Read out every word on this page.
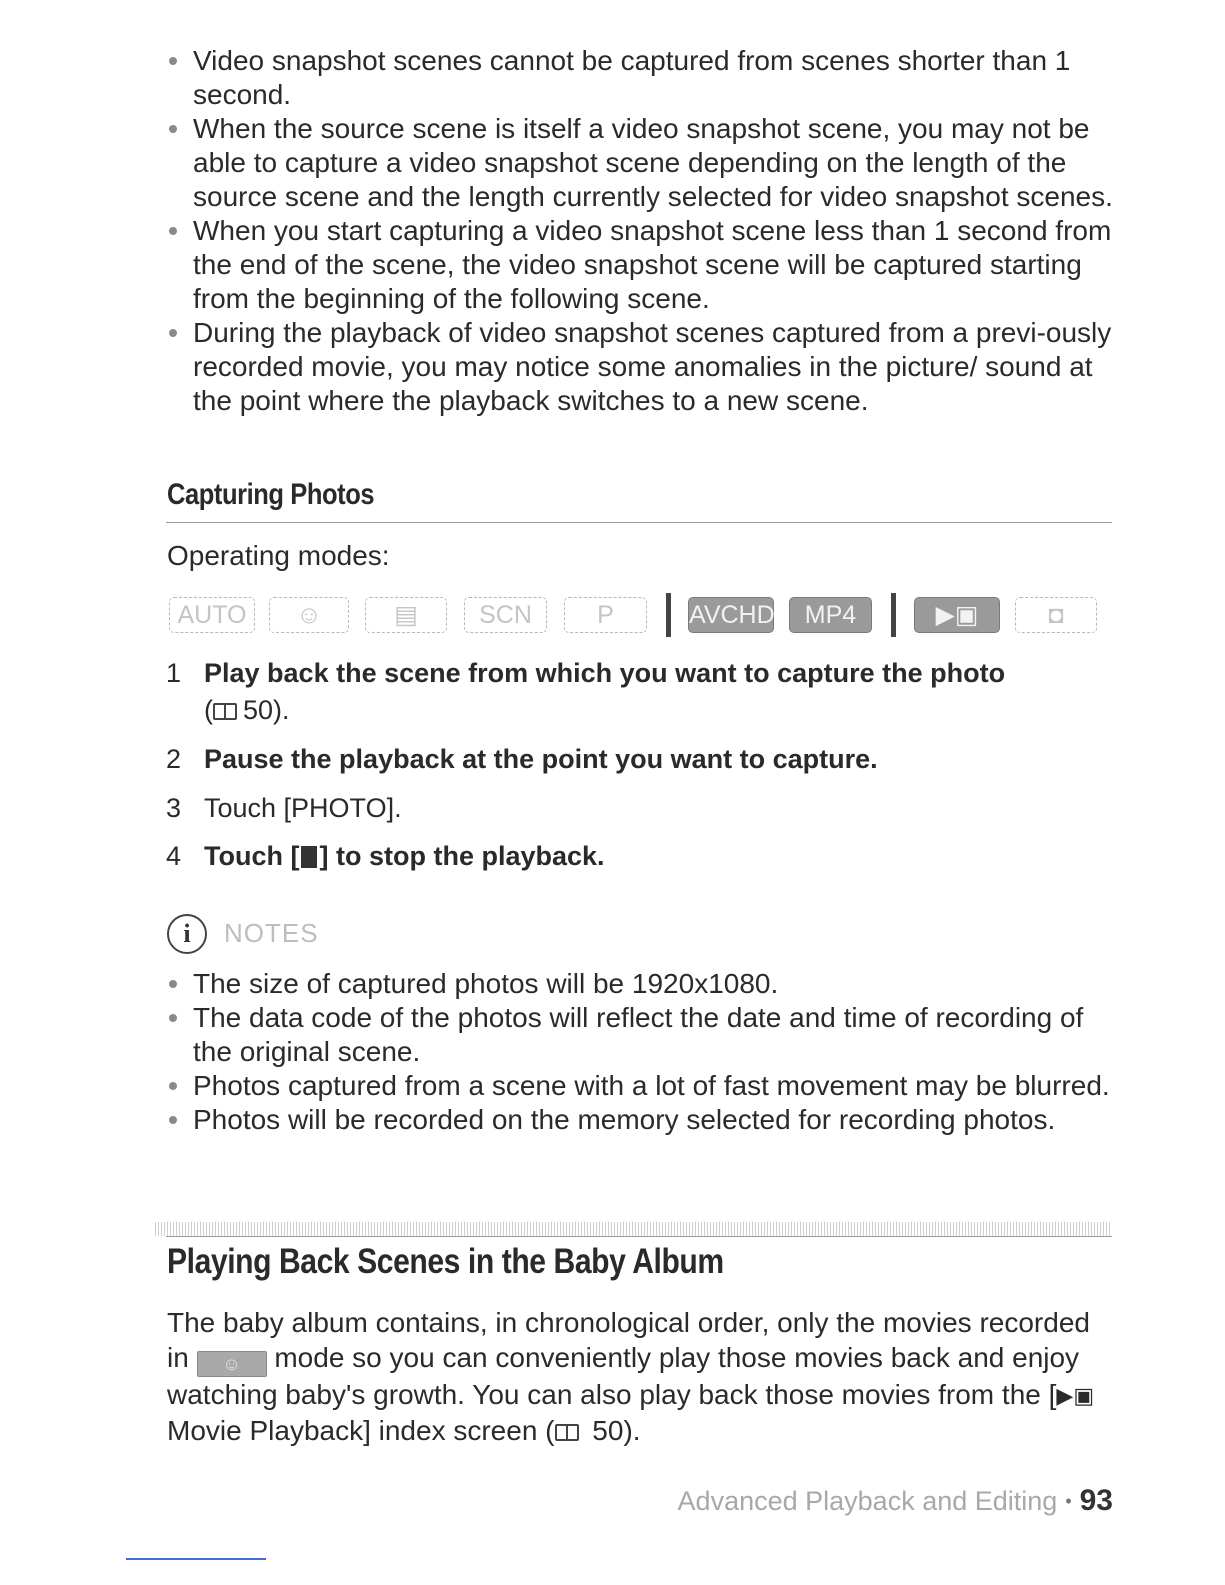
Video snapshot scenes cannot be captured from scenes shorter than 1 second.
When the source scene is itself a video snapshot scene, you may not be able to capture a video snapshot scene depending on the length of the source scene and the length currently selected for video snapshot scenes.
When you start capturing a video snapshot scene less than 1 second from the end of the scene, the video snapshot scene will be captured starting from the beginning of the following scene.
During the playback of video snapshot scenes captured from a previ-ously recorded movie, you may notice some anomalies in the picture/ sound at the point where the playback switches to a new scene.
Capturing Photos
Operating modes:
AUTO	☺	▤	SCN	P	AVCHD	MP4	▶▣	◘
1 Play back the scene from which you want to capture the photo
( 50).
2 Pause the playback at the point you want to capture.
3 Touch [PHOTO].
4 Touch [ ] to stop the playback.
i	NOTES
The size of captured photos will be 1920x1080.
The data code of the photos will reflect the date and time of recording of the original scene.
Photos captured from a scene with a lot of fast movement may be blurred.
Photos will be recorded on the memory selected for recording photos.
Playing Back Scenes in the Baby Album

The baby album contains, in chronological order, only the movies recorded in ☺ mode so you can conveniently play those movies back and enjoy watching baby's growth. You can also play back those movies from the [▶▣ Movie Playback] index screen ( 50).

Advanced Playback and Editing • 93
